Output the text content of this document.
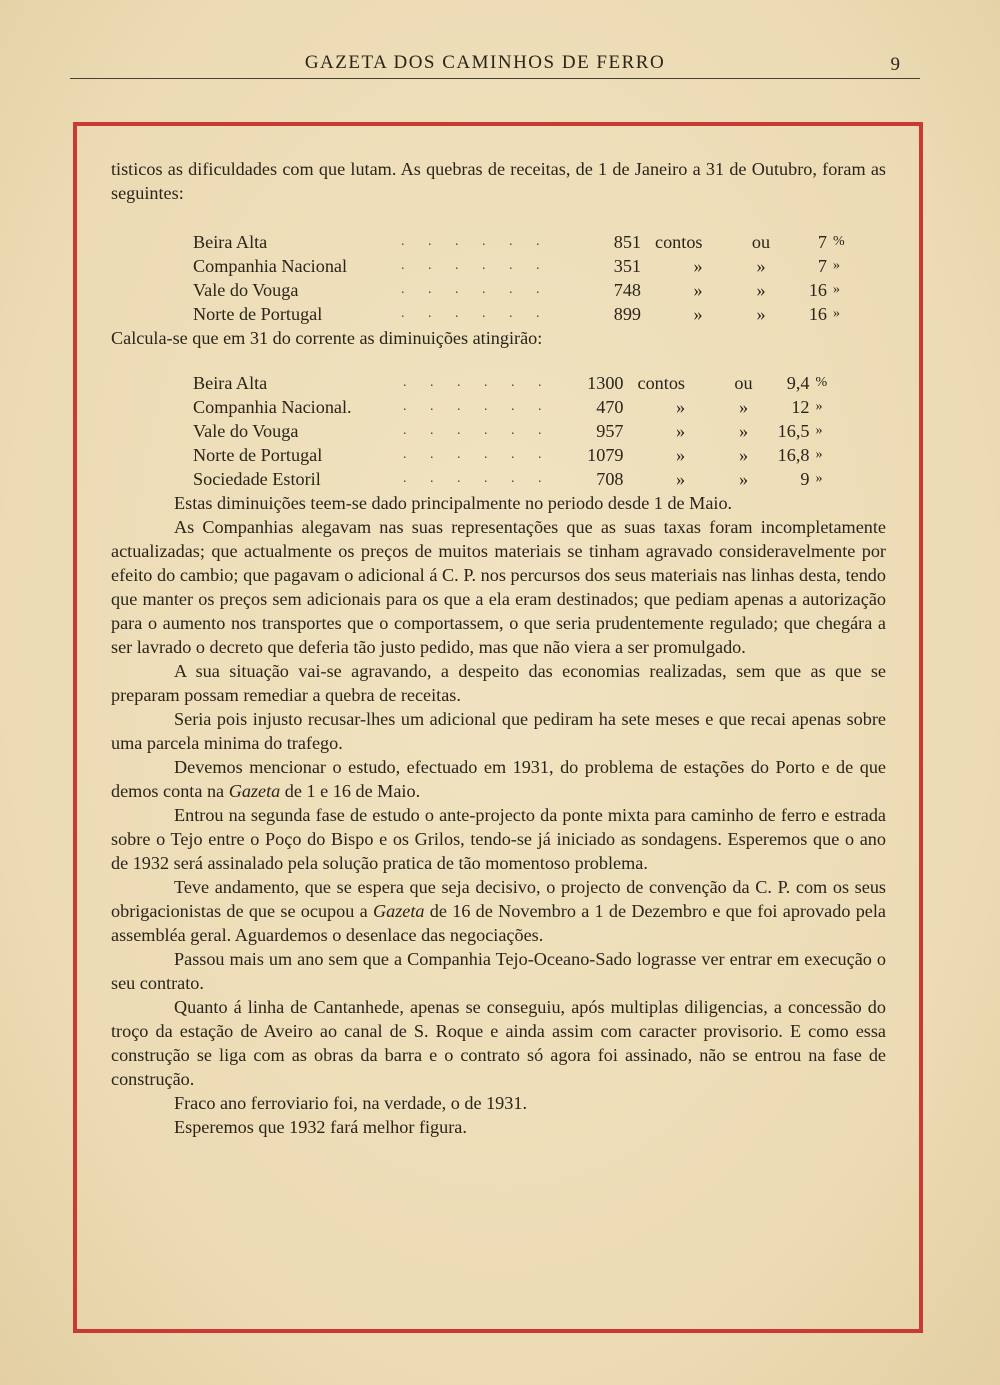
GAZETA DOS CAMINHOS DE FERRO	9

tisticos as dificuldades com que lutam. As quebras de receitas, de 1 de Janeiro a 31 de Outubro, foram as seguintes:

Beira Alta	. . . . . .	851	contos	ou	7	%
Companhia Nacional	. . . . . .	351	»	»	7	»
Vale do Vouga	. . . . . .	748	»	»	16	»
Norte de Portugal	. . . . . .	899	»	»	16	»

Calcula-se que em 31 do corrente as diminuições atingirão:

Beira Alta	. . . . . .	1300	contos	ou	9,4	%
Companhia Nacional.	. . . . . .	470	»	»	12	»
Vale do Vouga	. . . . . .	957	»	»	16,5	»
Norte de Portugal	. . . . . .	1079	»	»	16,8	»
Sociedade Estoril	. . . . . .	708	»	»	9	»

Estas diminuições teem-se dado principalmente no periodo desde 1 de Maio.

As Companhias alegavam nas suas representações que as suas taxas foram incompletamente actualizadas; que actualmente os preços de muitos materiais se tinham agravado consideravelmente por efeito do cambio; que pagavam o adicional á C. P. nos percursos dos seus materiais nas linhas desta, tendo que manter os preços sem adicionais para os que a ela eram destinados; que pediam apenas a autorização para o aumento nos transportes que o comportassem, o que seria prudentemente regulado; que chegára a ser lavrado o decreto que deferia tão justo pedido, mas que não viera a ser promulgado.

A sua situação vai-se agravando, a despeito das economias realizadas, sem que as que se preparam possam remediar a quebra de receitas.

Seria pois injusto recusar-lhes um adicional que pediram ha sete meses e que recai apenas sobre uma parcela minima do trafego.

Devemos mencionar o estudo, efectuado em 1931, do problema de estações do Porto e de que demos conta na Gazeta de 1 e 16 de Maio.

Entrou na segunda fase de estudo o ante-projecto da ponte mixta para caminho de ferro e estrada sobre o Tejo entre o Poço do Bispo e os Grilos, tendo-se já iniciado as sondagens. Esperemos que o ano de 1932 será assinalado pela solução pratica de tão momentoso problema.

Teve andamento, que se espera que seja decisivo, o projecto de convenção da C. P. com os seus obrigacionistas de que se ocupou a Gazeta de 16 de Novembro a 1 de Dezembro e que foi aprovado pela assembléa geral. Aguardemos o desenlace das negociações.

Passou mais um ano sem que a Companhia Tejo-Oceano-Sado lograsse ver entrar em execução o seu contrato.

Quanto á linha de Cantanhede, apenas se conseguiu, após multiplas diligencias, a concessão do troço da estação de Aveiro ao canal de S. Roque e ainda assim com caracter provisorio. E como essa construção se liga com as obras da barra e o contrato só agora foi assinado, não se entrou na fase de construção.

Fraco ano ferroviario foi, na verdade, o de 1931.

Esperemos que 1932 fará melhor figura.
